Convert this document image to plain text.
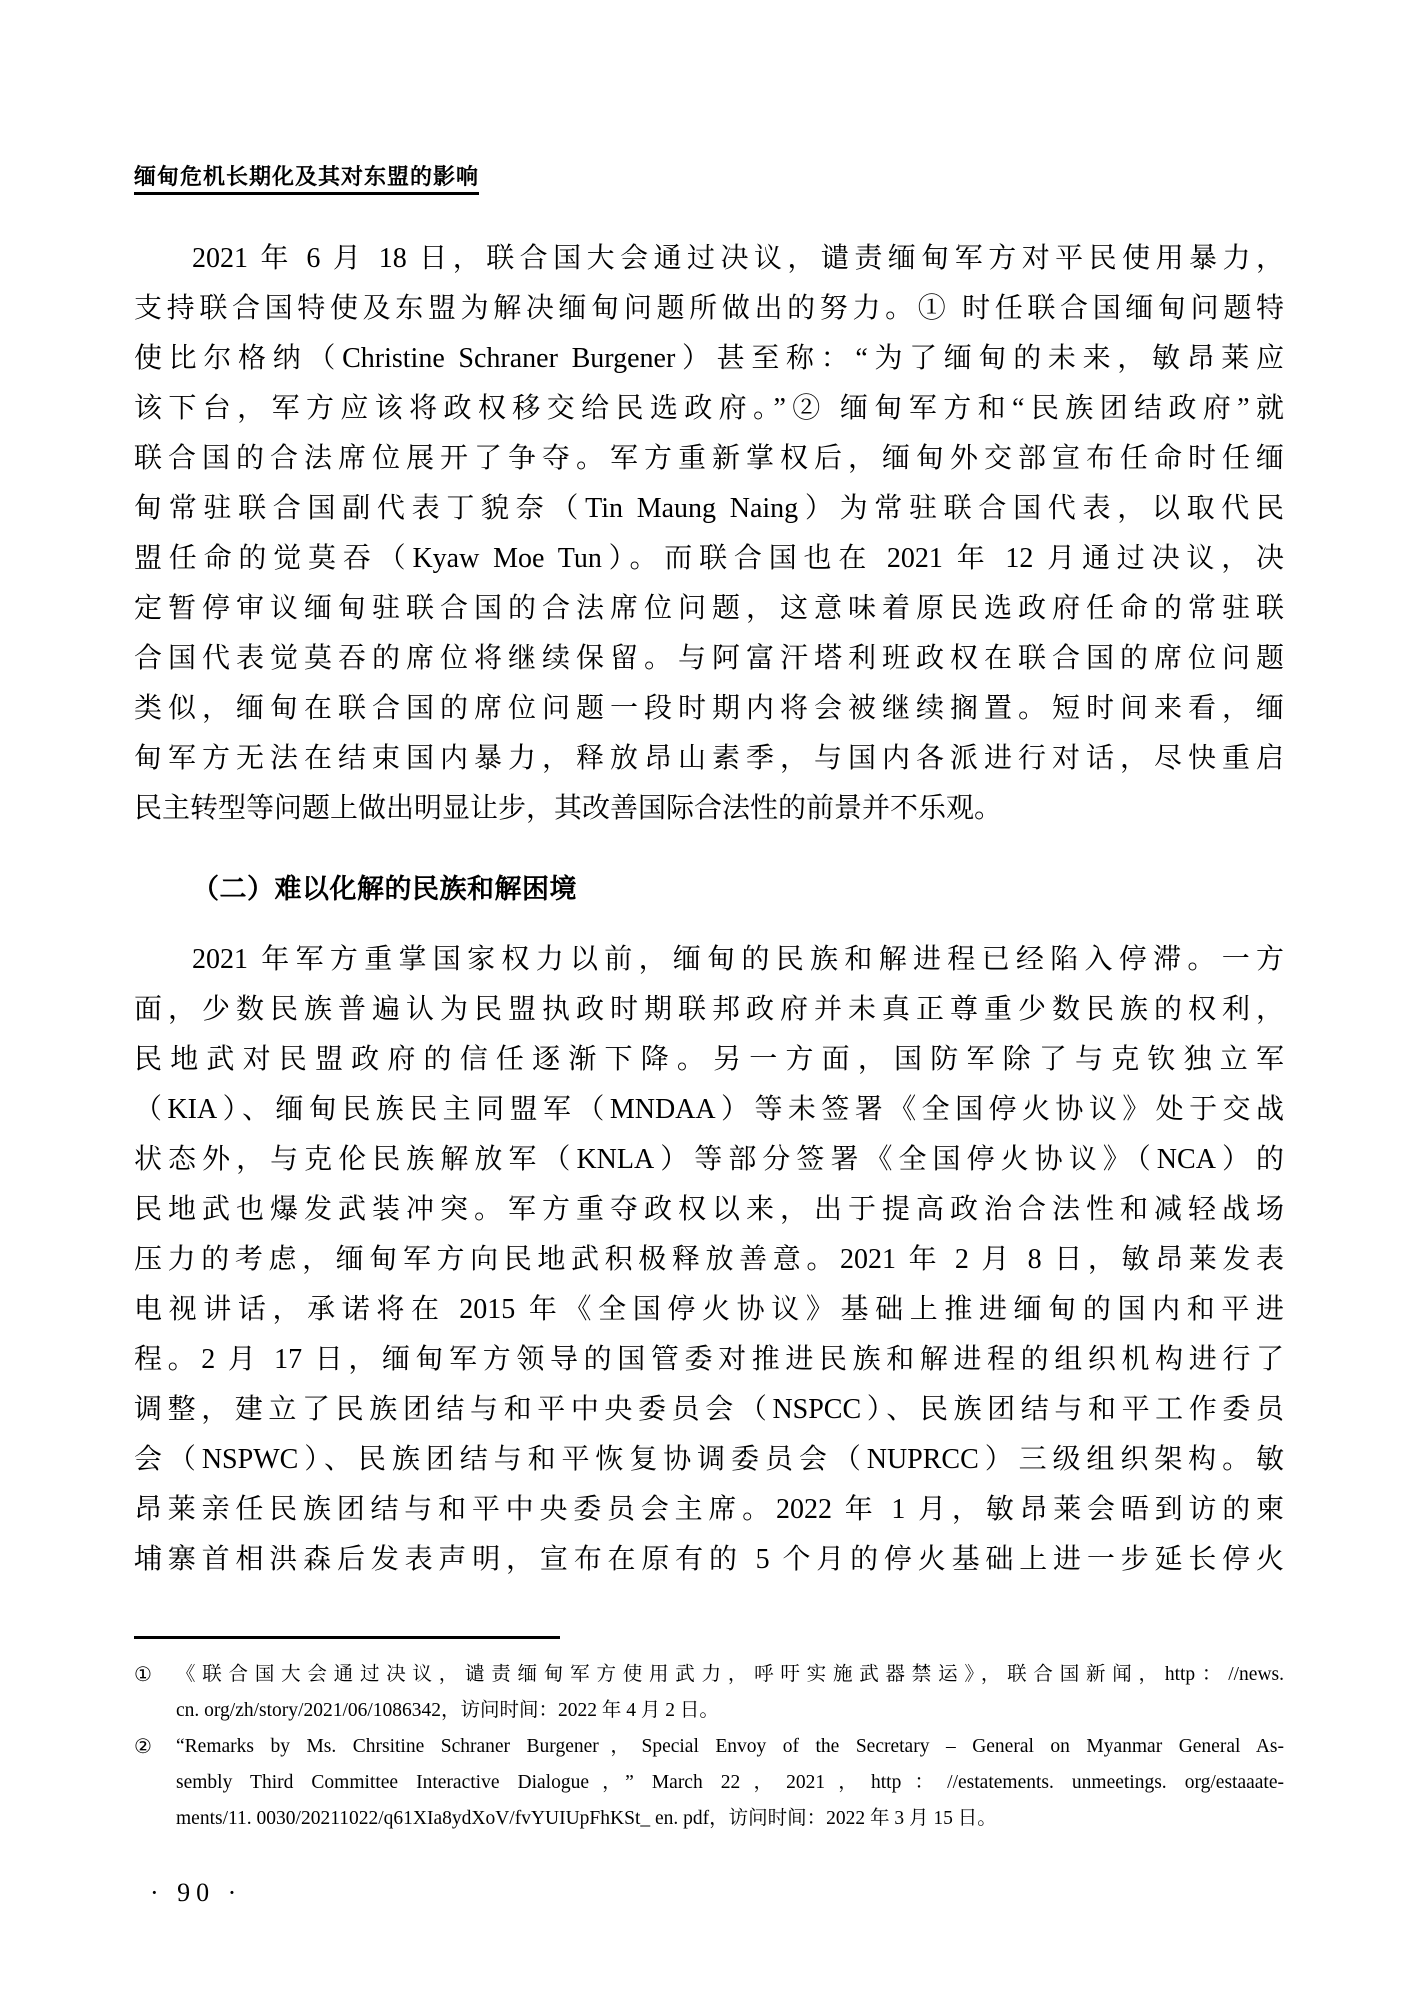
缅甸危机长期化及其对东盟的影响
2021 年 6 月 18 日，联合国大会通过决议，谴责缅甸军方对平民使用暴力，
支持联合国特使及东盟为解决缅甸问题所做出的努力。① 时任联合国缅甸问题特
使比尔格纳（Christine Schraner Burgener）甚至称：“为了缅甸的未来，敏昂莱应
该下台，军方应该将政权移交给民选政府。”② 缅甸军方和“民族团结政府”就
联合国的合法席位展开了争夺。军方重新掌权后，缅甸外交部宣布任命时任缅
甸常驻联合国副代表丁貌奈（Tin Maung Naing）为常驻联合国代表，以取代民
盟任命的觉莫吞（Kyaw Moe Tun）。而联合国也在 2021 年 12 月通过决议，决
定暂停审议缅甸驻联合国的合法席位问题，这意味着原民选政府任命的常驻联
合国代表觉莫吞的席位将继续保留。与阿富汗塔利班政权在联合国的席位问题
类似，缅甸在联合国的席位问题一段时期内将会被继续搁置。短时间来看，缅
甸军方无法在结束国内暴力，释放昂山素季，与国内各派进行对话，尽快重启
民主转型等问题上做出明显让步，其改善国际合法性的前景并不乐观。
（二）难以化解的民族和解困境
2021 年军方重掌国家权力以前，缅甸的民族和解进程已经陷入停滞。一方
面，少数民族普遍认为民盟执政时期联邦政府并未真正尊重少数民族的权利，
民地武对民盟政府的信任逐渐下降。另一方面，国防军除了与克钦独立军
（KIA）、缅甸民族民主同盟军（MNDAA）等未签署《全国停火协议》处于交战
状态外，与克伦民族解放军（KNLA）等部分签署《全国停火协议》（NCA）的
民地武也爆发武装冲突。军方重夺政权以来，出于提高政治合法性和减轻战场
压力的考虑，缅甸军方向民地武积极释放善意。2021 年 2 月 8 日，敏昂莱发表
电视讲话，承诺将在 2015 年《全国停火协议》基础上推进缅甸的国内和平进
程。2 月 17 日，缅甸军方领导的国管委对推进民族和解进程的组织机构进行了
调整，建立了民族团结与和平中央委员会（NSPCC）、民族团结与和平工作委员
会（NSPWC）、民族团结与和平恢复协调委员会（NUPRCC）三级组织架构。敏
昂莱亲任民族团结与和平中央委员会主席。2022 年 1 月，敏昂莱会晤到访的柬
埔寨首相洪森后发表声明，宣布在原有的 5 个月的停火基础上进一步延长停火
①	《联合国大会通过决议，谴责缅甸军方使用武力，呼吁实施武器禁运》，联合国新闻，http：//news.
cn. org/zh/story/2021/06/1086342，访问时间：2022 年 4 月 2 日。
②	“Remarks by Ms. Chrsitine Schraner Burgener，Special Envoy of the Secretary – General on Myanmar General As-
sembly Third Committee Interactive Dialogue，” March 22，2021，http：//estatements. unmeetings. org/estaaate-
ments/11. 0030/20211022/q61XIa8ydXoV/fvYUIUpFhKSt_ en. pdf，访问时间：2022 年 3 月 15 日。
· 90 ·
